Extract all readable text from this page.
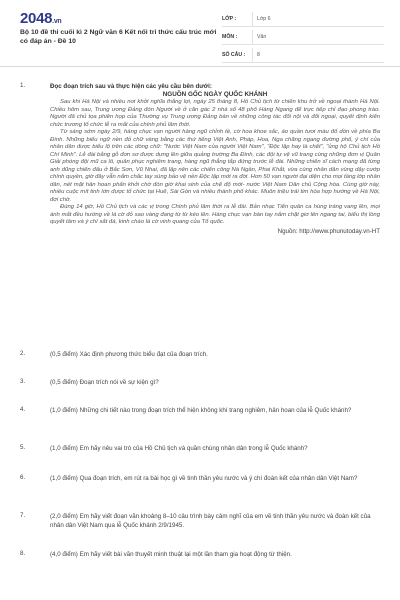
2048.vn
Bộ 10 đề thi cuối kì 2 Ngữ văn 6 Kết nối tri thức cấu trúc mới có đáp án - Đề 10
LỚP :	Lớp 6
MÔN :	Văn
SỐ CÂU :	8
1.	Đọc đoạn trích sau và thực hiện các yêu cầu bên dưới:
NGUỒN GỐC NGÀY QUỐC KHÁNH

Sau khi Hà Nội và nhiều nơi khởi nghĩa thắng lợi, ngày 25 tháng 8, Hồ Chủ tịch từ chiến khu trở về ngoại thành Hà Nội. Chiều hôm sau, Trung ương Đảng đón Người về ở căn gác 2 nhà số 48 phố Hàng Ngang để trực tiếp chỉ đạo phong trào. Người đã chủ tọa phiên họp của Thường vụ Trung ương Đảng bàn về những công tác đối nội và đối ngoại, quyết định kiến chức trương tổ chức lễ ra mắt của chính phủ lâm thời.

Từ sáng sớm ngày 2/9, hàng chục vạn người hàng ngũ chỉnh tề, cờ hoa khoe sắc, áo quần tươi màu đổ dồn về phía Ba Đình. Những biểu ngữ nền đỏ chữ vàng bằng các thứ tiếng Việt Anh, Pháp, Hoa, Nga chăng ngang đường phố, ý chí của nhân dân được biểu lộ trên các dòng chữ: "Nước Việt Nam của người Việt Nam", "Độc lập hay là chết", "ủng hộ Chủ tịch Hồ Chí Minh". Lễ đài bằng gỗ đơn sơ được dựng lên giữa quảng trường Ba Đình, các đội tự vệ vũ trang cùng những đơn vị Quân Giải phóng đội mũ ca lô, quân phục nghiêm trang, hàng ngũ thẳng tắp đứng trước lễ đài. Những chiến sĩ cách mạng đã từng anh dũng chiến đấu ở Bắc Sơn, Vũ Nhai, đã lập nên các chiến công Nà Ngần, Phai Khắt, vừa cùng nhân dân vùng dậy cướp chính quyền, giờ đây vẫn nắm chắc tay súng bảo vệ nền Độc lập mới ra đời. Hơn 50 vạn người đại diện cho mọi tầng lớp nhân dân, nét mặt hân hoan phấn khởi chờ đón giờ khai sinh của chế độ mới- nước Việt Nam Dân chủ Cộng hòa. Cùng giờ này, nhiều cuộc mít tinh lớn được tổ chức tại Huế, Sài Gòn và nhiều thành phố khác. Muôn triệu trái tim hòa hợp hướng về Hà Nội, đợi chờ.

Đúng 14 giờ, Hồ Chủ tịch và các vị trong Chính phủ lâm thời ra lễ đài. Bản nhạc Tiến quân ca hùng tráng vang lên, mọi ánh mắt đều hướng về lá cờ đỏ sao vàng đang từ từ kéo lên. Hàng chục vạn bàn tay nắm chặt giơ lên ngang tai, biểu thị lòng quyết tâm và ý chí sắt đá, kinh chào lá cờ vinh quang của Tổ quốc.

Nguồn: http://www.phunutoday.vn-HT
2.	(0,5 điểm) Xác định phương thức biểu đạt của đoạn trích.
3.	(0,5 điểm) Đoạn trích nói về sự kiện gì?
4.	(1,0 điểm) Những chi tiết nào trong đoạn trích thể hiện không khí trang nghiêm, hân hoan của lễ Quốc khánh?
5.	(1,0 điểm) Em hãy nêu vai trò của Hồ Chủ tịch và quần chúng nhân dân trong lễ Quốc khánh?
6.	(1,0 điểm) Qua đoạn trích, em rút ra bài học gì về tinh thần yêu nước và ý chí đoàn kết của nhân dân Việt Nam?
7.	(2,0 điểm) Em hãy viết đoạn văn khoảng 8–10 câu trình bày cảm nghĩ của em về tinh thần yêu nước và đoàn kết của nhân dân Việt Nam qua lễ Quốc khánh 2/9/1945.
8.	(4,0 điểm) Em hãy viết bài văn thuyết minh thuật lại một lần tham gia hoạt động từ thiện.
